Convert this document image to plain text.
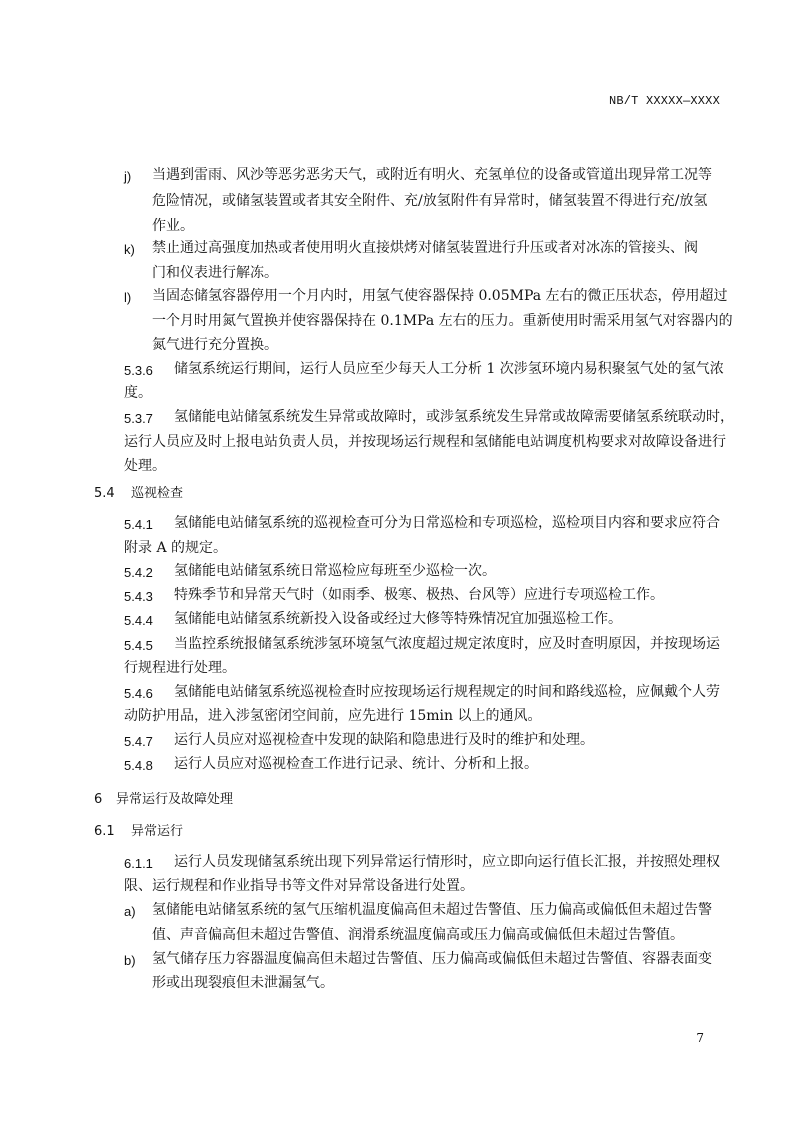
NB/T XXXXX—XXXX
j) 当遇到雷雨、风沙等恶劣恶劣天气，或附近有明火、充氢单位的设备或管道出现异常工况等
危险情况，或储氢装置或者其安全附件、充/放氢附件有异常时，储氢装置不得进行充/放氢
作业。
k) 禁止通过高强度加热或者使用明火直接烘烤对储氢装置进行升压或者对冰冻的管接头、阀
门和仪表进行解冻。
l) 当固态储氢容器停用一个月内时，用氢气使容器保持 0.05MPa 左右的微正压状态，停用超过
一个月时用氮气置换并使容器保持在 0.1MPa 左右的压力。重新使用时需采用氢气对容器内的
氮气进行充分置换。
5.3.6 储氢系统运行期间，运行人员应至少每天人工分析 1 次涉氢环境内易积聚氢气处的氢气浓
度。
5.3.7 氢储能电站储氢系统发生异常或故障时，或涉氢系统发生异常或故障需要储氢系统联动时，
运行人员应及时上报电站负责人员，并按现场运行规程和氢储能电站调度机构要求对故障设备进行
处理。
5.4 巡视检查
5.4.1 氢储能电站储氢系统的巡视检查可分为日常巡检和专项巡检，巡检项目内容和要求应符合
附录 A 的规定。
5.4.2 氢储能电站储氢系统日常巡检应每班至少巡检一次。
5.4.3 特殊季节和异常天气时（如雨季、极寒、极热、台风等）应进行专项巡检工作。
5.4.4 氢储能电站储氢系统新投入设备或经过大修等特殊情况宜加强巡检工作。
5.4.5 当监控系统报储氢系统涉氢环境氢气浓度超过规定浓度时，应及时查明原因，并按现场运
行规程进行处理。
5.4.6 氢储能电站储氢系统巡视检查时应按现场运行规程规定的时间和路线巡检，应佩戴个人劳
动防护用品，进入涉氢密闭空间前，应先进行 15min 以上的通风。
5.4.7 运行人员应对巡视检查中发现的缺陷和隐患进行及时的维护和处理。
5.4.8 运行人员应对巡视检查工作进行记录、统计、分析和上报。
6 异常运行及故障处理
6.1 异常运行
6.1.1 运行人员发现储氢系统出现下列异常运行情形时，应立即向运行值长汇报，并按照处理权
限、运行规程和作业指导书等文件对异常设备进行处置。
a) 氢储能电站储氢系统的氢气压缩机温度偏高但未超过告警值、压力偏高或偏低但未超过告警
值、声音偏高但未超过告警值、润滑系统温度偏高或压力偏高或偏低但未超过告警值。
b) 氢气储存压力容器温度偏高但未超过告警值、压力偏高或偏低但未超过告警值、容器表面变
形或出现裂痕但未泄漏氢气。
7
